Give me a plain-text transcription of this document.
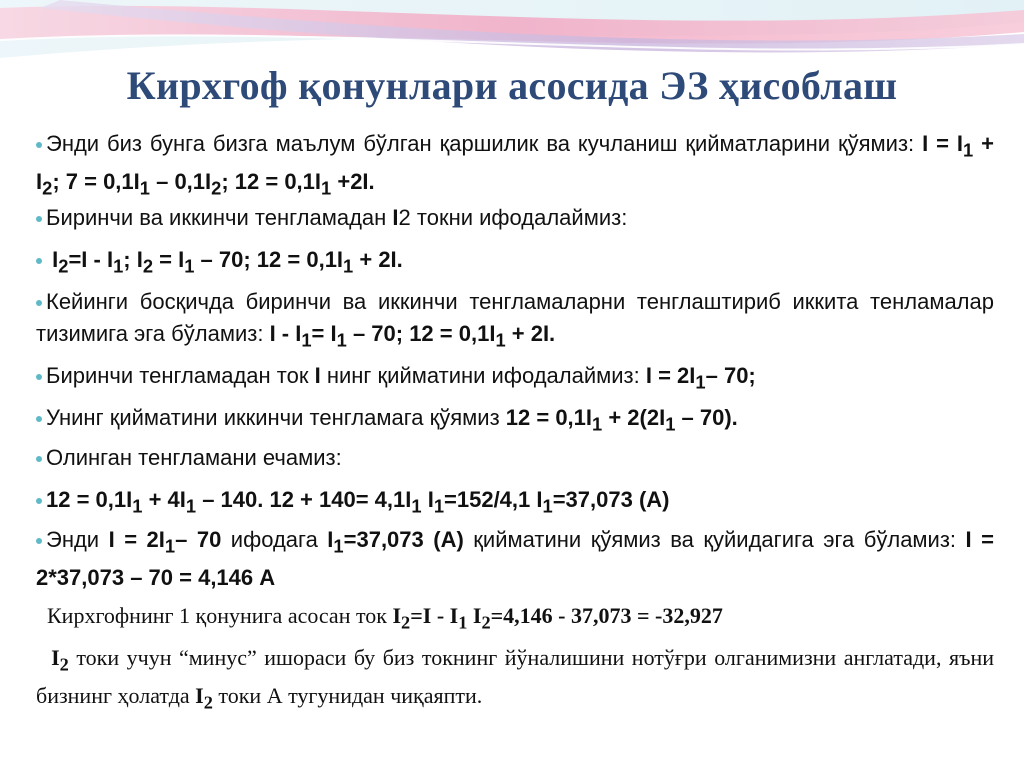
Кирхгоф қонунлари асосида ЭЗ ҳисоблаш
Энди биз бунга бизга маълум бўлган қаршилик ва кучланиш қийматларини қўямиз: $I = I_1 + I_2$; $7 = 0,1I_1 - 0,1I_2$; $12 = 0,1I_1 +2I$.
Биринчи ва иккинчи тенгламадан I2 токни ифодалаймиз:
$I_2=I - I_1$; $I_2 = I_1 - 70$; $12 = 0,1I_1 + 2I$.
Кейинги босқичда биринчи ва иккинчи тенгламаларни тенглаштириб иккита тенламалар тизимига эга бўламиз: $I - I_1= I_1 - 70$; $12 = 0,1I_1 + 2I$.
Биринчи тенгламадан ток I нинг қийматини ифодалаймиз: $I = 2I_1-$ 70;
Унинг қийматини иккинчи тенгламага қўямиз $12 = 0,1I_1 + 2(2I_1 - 70)$.
Олинган тенгламани ечамиз:
$12 = 0,1I_1 + 4I_1 - 140$. $12 + 140= 4,1I_1$ $I_1=152/4,1$ $I_1=37,073$ (А)
Энди $I = 2I_1-$ 70 ифодага $I_1=37,073$ (А) қийматини қўямиз ва қуйидагига эга бўламиз: I = 2*37,073 – 70 = 4,146 А
Кирхгофнинг 1 қонунига асосан ток $I_2=I - I_1$ $I_2=4,146 - 37,073 = -32,927$
$I_2$ токи учун “минус” ишораси бу биз токнинг йўналишини нотўғри олганимизни англатади, яъни бизнинг ҳолатда $I_2$ токи А тугунидан чиқаяпти.
